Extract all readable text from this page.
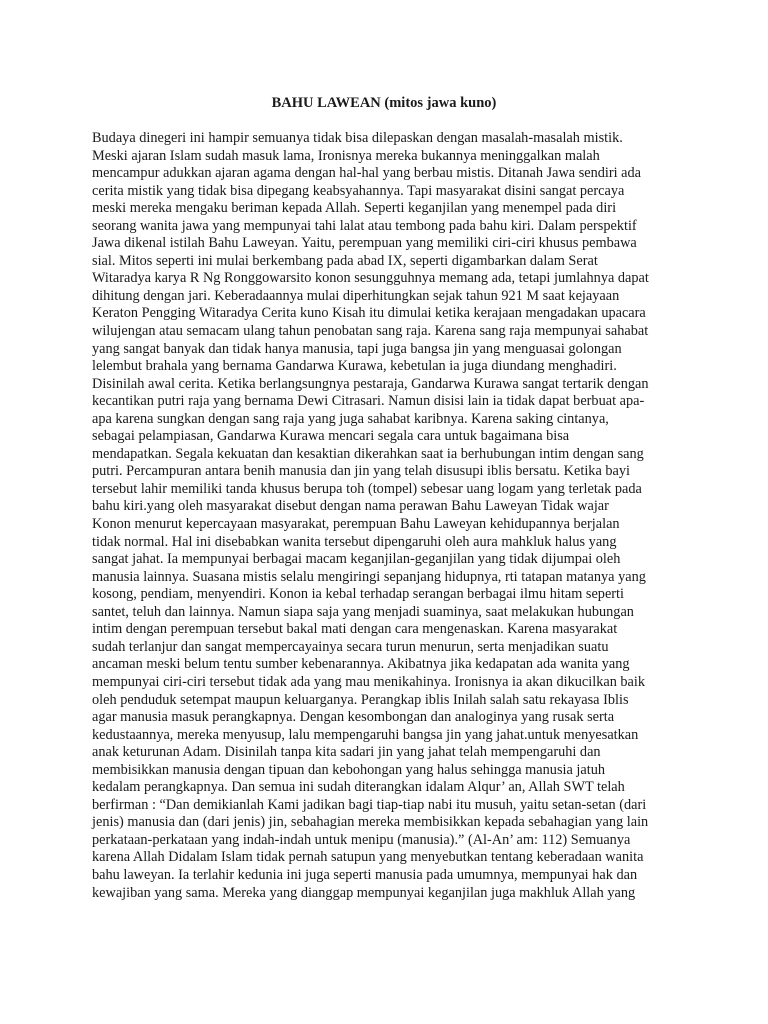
BAHU LAWEAN (mitos jawa kuno)
Budaya dinegeri ini hampir semuanya tidak bisa dilepaskan dengan masalah-masalah mistik.
Meski ajaran Islam sudah masuk lama, Ironisnya mereka bukannya meninggalkan malah
mencampur adukkan ajaran agama dengan hal-hal yang berbau mistis. Ditanah Jawa sendiri ada
cerita mistik yang tidak bisa dipegang keabsyahannya. Tapi masyarakat disini sangat percaya
meski mereka mengaku beriman kepada Allah. Seperti keganjilan yang menempel pada diri
seorang wanita jawa yang mempunyai tahi lalat atau tembong pada bahu kiri. Dalam perspektif
Jawa dikenal istilah Bahu Laweyan. Yaitu, perempuan yang memiliki ciri-ciri khusus pembawa
sial. Mitos seperti ini mulai berkembang pada abad IX, seperti digambarkan dalam Serat
Witaradya karya R Ng Ronggowarsito konon sesungguhnya memang ada, tetapi jumlahnya dapat
dihitung dengan jari. Keberadaannya mulai diperhitungkan sejak tahun 921 M saat kejayaan
Keraton Pengging Witaradya Cerita kuno Kisah itu dimulai ketika kerajaan mengadakan upacara
wilujengan atau semacam ulang tahun penobatan sang raja. Karena sang raja mempunyai sahabat
yang sangat banyak dan tidak hanya manusia, tapi juga bangsa jin yang menguasai golongan
lelembut brahala yang bernama Gandarwa Kurawa, kebetulan ia juga diundang menghadiri.
Disinilah awal cerita. Ketika berlangsungnya pestaraja, Gandarwa Kurawa sangat tertarik dengan
kecantikan putri raja yang bernama Dewi Citrasari. Namun disisi lain ia tidak dapat berbuat apa-
apa karena sungkan dengan sang raja yang juga sahabat karibnya. Karena saking cintanya,
sebagai pelampiasan, Gandarwa Kurawa mencari segala cara untuk bagaimana bisa
mendapatkan. Segala kekuatan dan kesaktian dikerahkan saat ia berhubungan intim dengan sang
putri. Percampuran antara benih manusia dan jin yang telah disusupi iblis bersatu. Ketika bayi
tersebut lahir memiliki tanda khusus berupa toh (tompel) sebesar uang logam yang terletak pada
bahu kiri.yang oleh masyarakat disebut dengan nama perawan Bahu Laweyan Tidak wajar
Konon menurut kepercayaan masyarakat, perempuan Bahu Laweyan kehidupannya berjalan
tidak normal. Hal ini disebabkan wanita tersebut dipengaruhi oleh aura mahkluk halus yang
sangat jahat. Ia mempunyai berbagai macam keganjilan-geganjilan yang tidak dijumpai oleh
manusia lainnya. Suasana mistis selalu mengiringi sepanjang hidupnya, rti tatapan matanya yang
kosong, pendiam, menyendiri. Konon ia kebal terhadap serangan berbagai ilmu hitam seperti
santet, teluh dan lainnya. Namun siapa saja yang menjadi suaminya, saat melakukan hubungan
intim dengan perempuan tersebut bakal mati dengan cara mengenaskan. Karena masyarakat
sudah terlanjur dan sangat mempercayainya secara turun menurun, serta menjadikan suatu
ancaman meski belum tentu sumber kebenarannya. Akibatnya jika kedapatan ada wanita yang
mempunyai ciri-ciri tersebut tidak ada yang mau menikahinya. Ironisnya ia akan dikucilkan baik
oleh penduduk setempat maupun keluarganya. Perangkap iblis Inilah salah satu rekayasa Iblis
agar manusia masuk perangkapnya. Dengan kesombongan dan analoginya yang rusak serta
kedustaannya, mereka menyusup, lalu mempengaruhi bangsa jin yang jahat.untuk menyesatkan
anak keturunan Adam. Disinilah tanpa kita sadari jin yang jahat telah mempengaruhi dan
membisikkan manusia dengan tipuan dan kebohongan yang halus sehingga manusia jatuh
kedalam perangkapnya. Dan semua ini sudah diterangkan idalam Alqur’ an, Allah SWT telah
berfirman : “Dan demikianlah Kami jadikan bagi tiap-tiap nabi itu musuh, yaitu setan-setan (dari
jenis) manusia dan (dari jenis) jin, sebahagian mereka membisikkan kepada sebahagian yang lain
perkataan-perkataan yang indah-indah untuk menipu (manusia).” (Al-An’ am: 112) Semuanya
karena Allah Didalam Islam tidak pernah satupun yang menyebutkan tentang keberadaan wanita
bahu laweyan. Ia terlahir kedunia ini juga seperti manusia pada umumnya, mempunyai hak dan
kewajiban yang sama. Mereka yang dianggap mempunyai keganjilan juga makhluk Allah yang
